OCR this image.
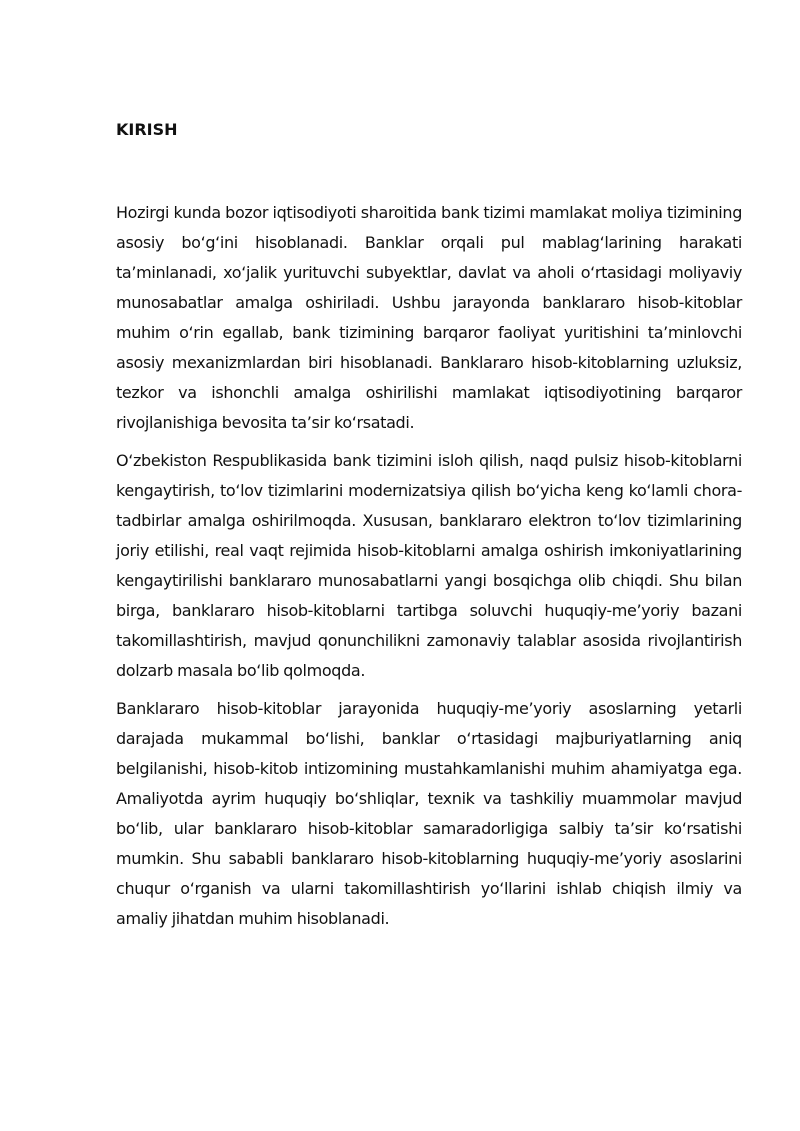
KIRISH

Hozirgi kunda bozor iqtisodiyoti sharoitida bank tizimi mamlakat moliya tizimining asosiy bo‘g‘ini hisoblanadi. Banklar orqali pul mablag‘larining harakati ta’minlanadi, xo‘jalik yurituvchi subyektlar, davlat va aholi o‘rtasidagi moliyaviy munosabatlar amalga oshiriladi. Ushbu jarayonda banklararo hisob-kitoblar muhim o‘rin egallab, bank tizimining barqaror faoliyat yuritishini ta’minlovchi asosiy mexanizmlardan biri hisoblanadi. Banklararo hisob-kitoblarning uzluksiz, tezkor va ishonchli amalga oshirilishi mamlakat iqtisodiyotining barqaror rivojlanishiga bevosita ta’sir ko‘rsatadi.

O‘zbekiston Respublikasida bank tizimini isloh qilish, naqd pulsiz hisob-kitoblarni kengaytirish, to‘lov tizimlarini modernizatsiya qilish bo‘yicha keng ko‘lamli chora-tadbirlar amalga oshirilmoqda. Xususan, banklararo elektron to‘lov tizimlarining joriy etilishi, real vaqt rejimida hisob-kitoblarni amalga oshirish imkoniyatlarining kengaytirilishi banklararo munosabatlarni yangi bosqichga olib chiqdi. Shu bilan birga, banklararo hisob-kitoblarni tartibga soluvchi huquqiy-me’yoriy bazani takomillashtirish, mavjud qonunchilikni zamonaviy talablar asosida rivojlantirish dolzarb masala bo‘lib qolmoqda.

Banklararo hisob-kitoblar jarayonida huquqiy-me’yoriy asoslarning yetarli darajada mukammal bo‘lishi, banklar o‘rtasidagi majburiyatlarning aniq belgilanishi, hisob-kitob intizomining mustahkamlanishi muhim ahamiyatga ega. Amaliyotda ayrim huquqiy bo‘shliqlar, texnik va tashkiliy muammolar mavjud bo‘lib, ular banklararo hisob-kitoblar samaradorligiga salbiy ta’sir ko‘rsatishi mumkin. Shu sababli banklararo hisob-kitoblarning huquqiy-me’yoriy asoslarini chuqur o‘rganish va ularni takomillashtirish yo‘llarini ishlab chiqish ilmiy va amaliy jihatdan muhim hisoblanadi.
